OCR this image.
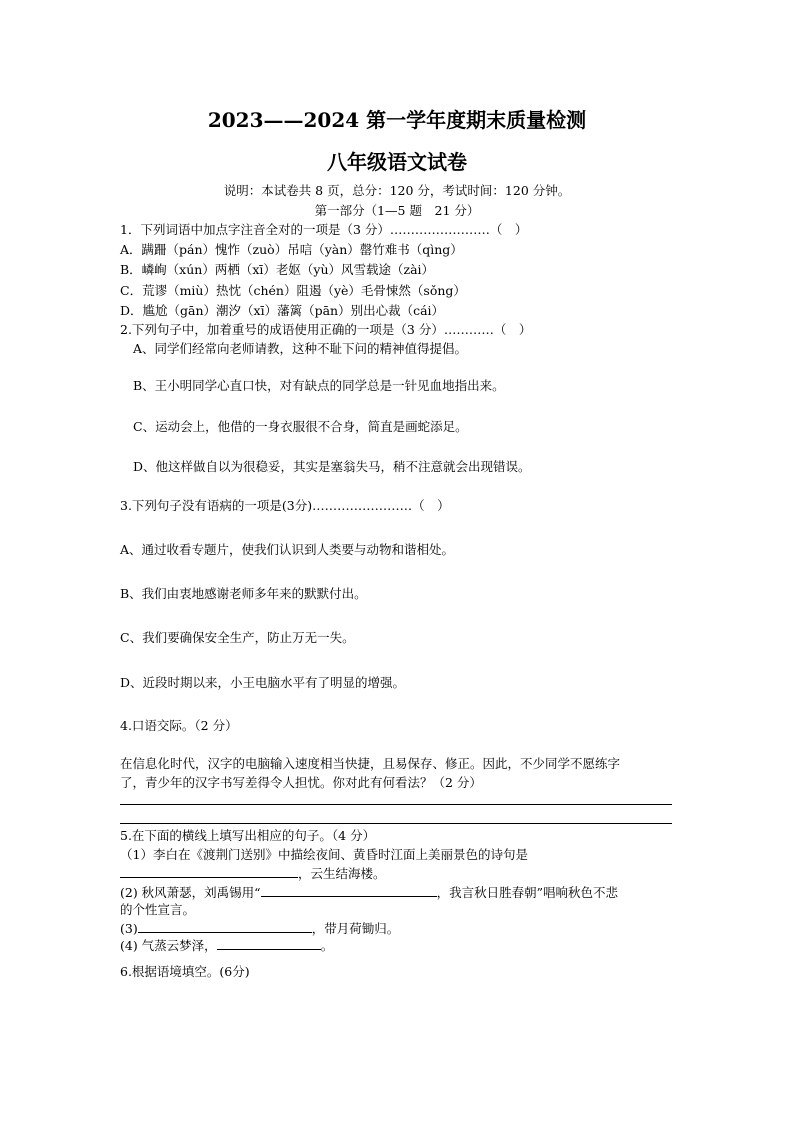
2023——2024 第一学年度期末质量检测
八年级语文试卷
说明：本试卷共 8 页，总分：120 分，考试时间：120 分钟。
第一部分（1—5 题　21 分）
1．下列词语中加点字注音全对的一项是（3 分）……………………（　）
A．蹒跚（pán）愧怍（zuò）吊唁（yàn）罄竹难书（qìng）
B．嶙峋（xún）两栖（xī）老妪（yù）风雪载途（zài）
C．荒谬（miù）热忱（chén）阻遏（yè）毛骨悚然（sǒng）
D．尴尬（gān）潮汐（xī）藩篱（pān）别出心裁（cái）
2.下列句子中，加着重号的成语使用正确的一项是（3 分）…………（　）
A、同学们经常向老师请教，这种不耻下问的精神值得提倡。
B、王小明同学心直口快，对有缺点的同学总是一针见血地指出来。
C、运动会上，他借的一身衣服很不合身，简直是画蛇添足。
D、他这样做自以为很稳妥，其实是塞翁失马，稍不注意就会出现错误。
3.下列句子没有语病的一项是(3分)……………………（　）
A、通过收看专题片，使我们认识到人类要与动物和谐相处。
B、我们由衷地感谢老师多年来的默默付出。
C、我们要确保安全生产，防止万无一失。
D、近段时期以来，小王电脑水平有了明显的增强。
4.口语交际。（2 分）
在信息化时代，汉字的电脑输入速度相当快捷，且易保存、修正。因此，不少同学不愿练字
了，青少年的汉字书写差得令人担忧。你对此有何看法？（2 分）
5.在下面的横线上填写出相应的句子。（4 分）
（1）李白在《渡荆门送别》中描绘夜间、黄昏时江面上美丽景色的诗句是
，云生结海楼。
(2) 秋风萧瑟，刘禹锡用“	，我言秋日胜春朝”唱响秋色不悲
的个性宣言。
(3)	，带月荷锄归。
(4) 气蒸云梦泽，	。
6.根据语境填空。(6分)
